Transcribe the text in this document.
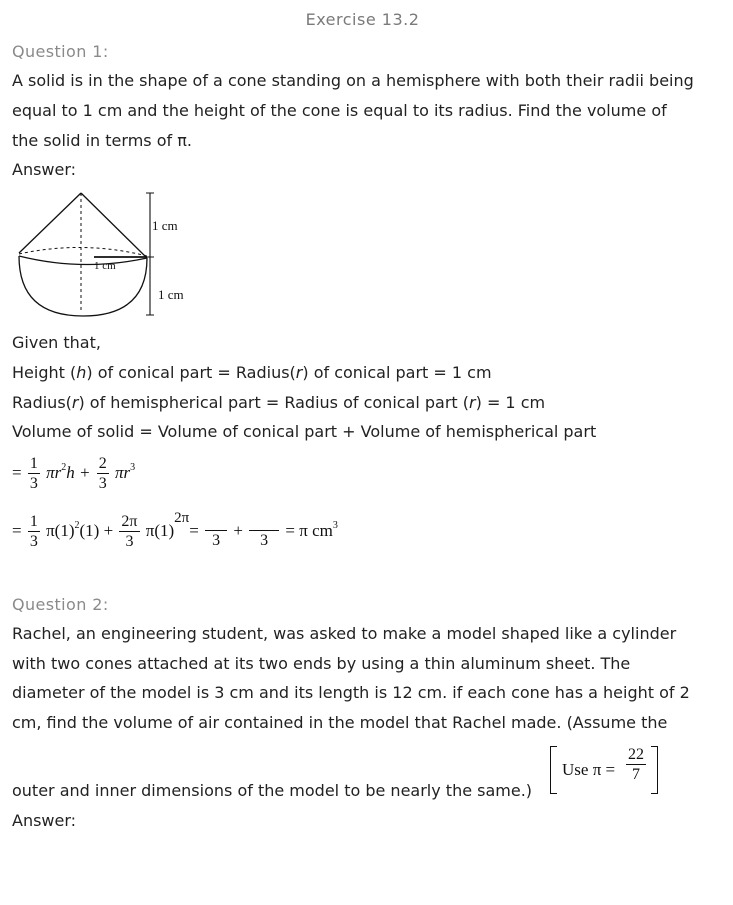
Exercise 13.2
Question 1:
A solid is in the shape of a cone standing on a hemisphere with both their radii being
equal to 1 cm and the height of the cone is equal to its radius. Find the volume of
the solid in terms of π.
Answer:
1 cm
1 cm
1 cm
Given that,
Height (h) of conical part = Radius(r) of conical part = 1 cm
Radius(r) of hemispherical part = Radius of conical part (r) = 1 cm
Volume of solid = Volume of conical part + Volume of hemispherical part
= $\frac{1}{3} \pi r^2h + \frac{2}{3} \pi r^3$
= $\frac{1}{3} \pi(1)^2(1) + \frac{2\pi}{3} \pi(1)2\pi=$
3
+
3
= π $cm^3$
Question 2:
Rachel, an engineering student, was asked to make a model shaped like a cylinder
with two cones attached at its two ends by using a thin aluminum sheet. The
diameter of the model is 3 cm and its length is 12 cm. if each cone has a height of 2
cm, find the volume of air contained in the model that Rachel made. (Assume the
outer and inner dimensions of the model to be nearly the same.)
Use $\pi = \frac{22}{7}$
Answer:
